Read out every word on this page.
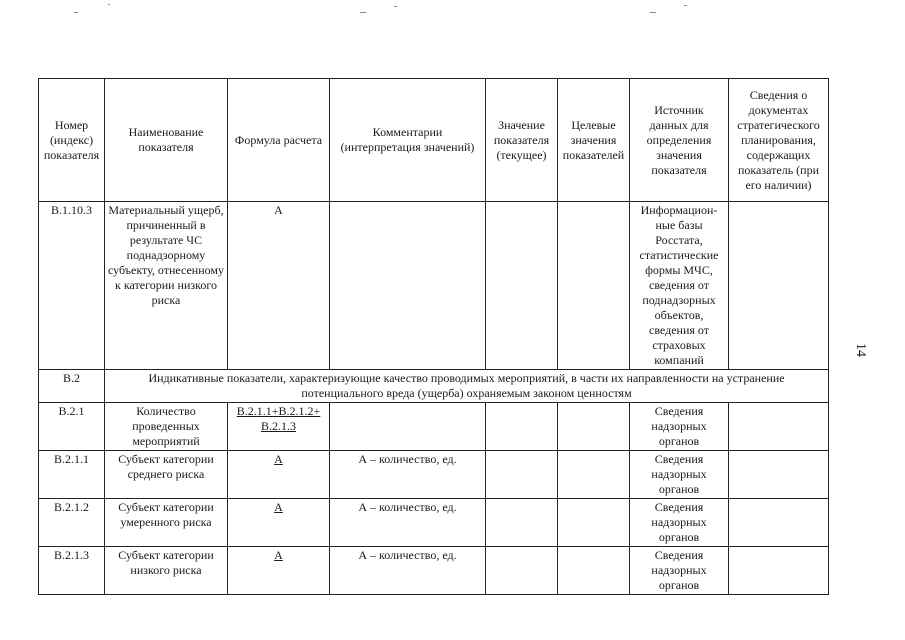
Номер (индекс) показателя	Наименование показателя	Формула расчета	Комментарии (интерпретация значений)	Значение показателя (текущее)	Целевые значения показателей	Источник данных для определения значения показателя	Сведения о документах стратегического планирования, содержащих показатель (при его наличии)
В.1.10.3	Материальный ущерб, причиненный в результате ЧС поднадзорному субъекту, отнесенному к категории низкого риска	А				Информацион-ные базы Росстата, статистические формы МЧС, сведения от поднадзорных объектов, сведения от страховых компаний	
В.2	Индикативные показатели, характеризующие качество проводимых мероприятий, в части их направленности на устранение потенциального вреда (ущерба) охраняемым законом ценностям						
В.2.1	Количество проведенных мероприятий	В.2.1.1+В.2.1.2+ В.2.1.3				Сведения надзорных органов	
В.2.1.1	Субъект категории среднего риска	А	А – количество, ед.			Сведения надзорных органов	
В.2.1.2	Субъект категории умеренного риска	А	А – количество, ед.			Сведения надзорных органов	
В.2.1.3	Субъект категории низкого риска	А	А – количество, ед.			Сведения надзорных органов	
14
